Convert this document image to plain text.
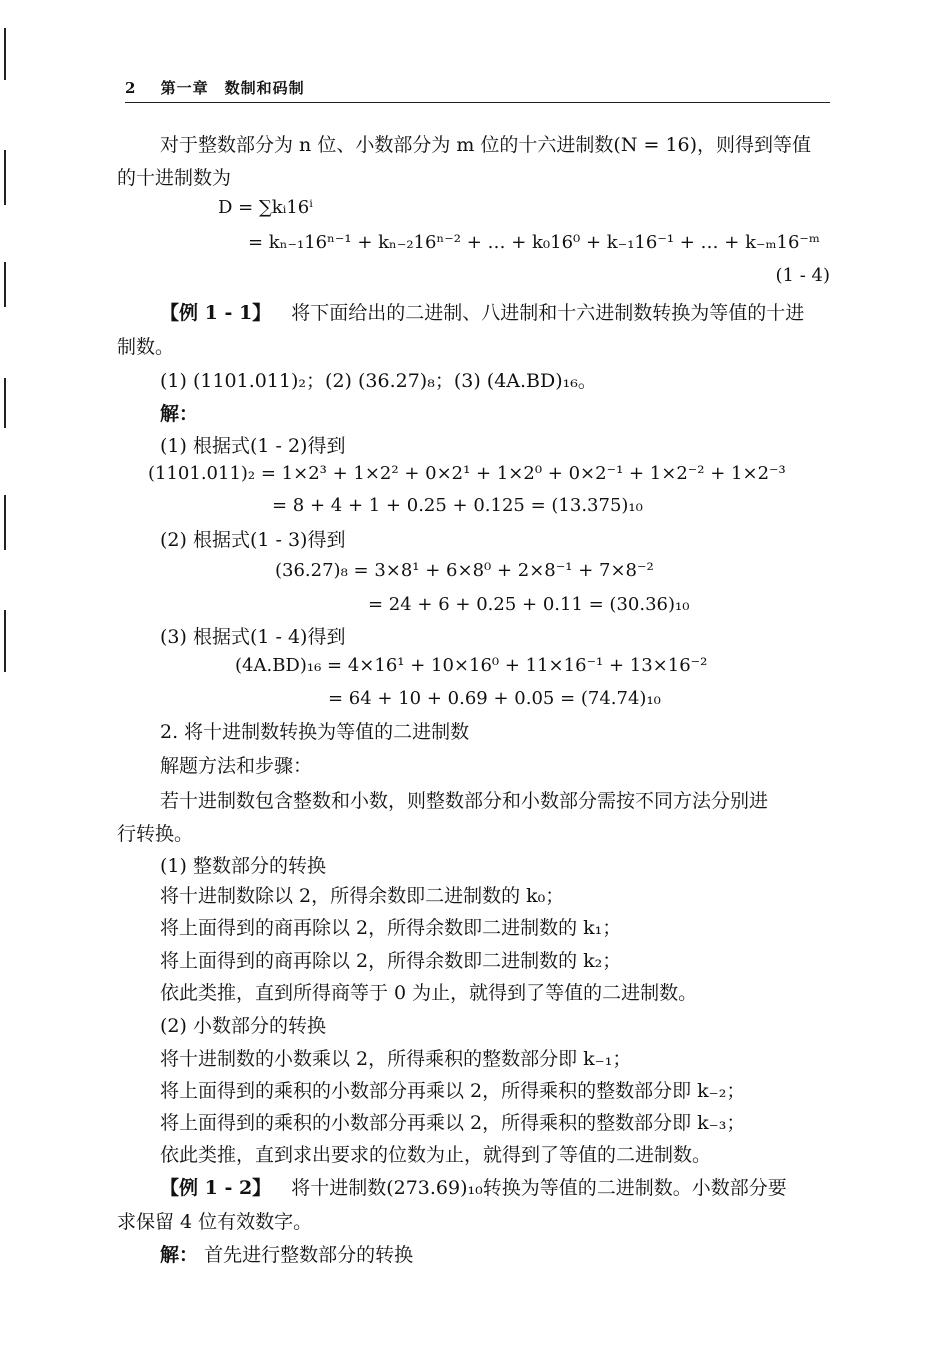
2 第一章　数制和码制
对于整数部分为 n 位、小数部分为 m 位的十六进制数(N = 16)，则得到等值
的十进制数为
D = ∑kᵢ16ⁱ
= kₙ₋₁16ⁿ⁻¹ + kₙ₋₂16ⁿ⁻² + … + k₀16⁰ + k₋₁16⁻¹ + … + k₋ₘ16⁻ᵐ
(1 - 4)
【例 1 - 1】 将下面给出的二进制、八进制和十六进制数转换为等值的十进
制数。
(1) (1101.011)₂；(2) (36.27)₈；(3) (4A.BD)₁₆。
解：
(1) 根据式(1 - 2)得到
(1101.011)₂ = 1×2³ + 1×2² + 0×2¹ + 1×2⁰ + 0×2⁻¹ + 1×2⁻² + 1×2⁻³
= 8 + 4 + 1 + 0.25 + 0.125 = (13.375)₁₀
(2) 根据式(1 - 3)得到
(36.27)₈ = 3×8¹ + 6×8⁰ + 2×8⁻¹ + 7×8⁻²
= 24 + 6 + 0.25 + 0.11 = (30.36)₁₀
(3) 根据式(1 - 4)得到
(4A.BD)₁₆ = 4×16¹ + 10×16⁰ + 11×16⁻¹ + 13×16⁻²
= 64 + 10 + 0.69 + 0.05 = (74.74)₁₀
2. 将十进制数转换为等值的二进制数
解题方法和步骤：
若十进制数包含整数和小数，则整数部分和小数部分需按不同方法分别进
行转换。
(1) 整数部分的转换
将十进制数除以 2，所得余数即二进制数的 k₀；
将上面得到的商再除以 2，所得余数即二进制数的 k₁；
将上面得到的商再除以 2，所得余数即二进制数的 k₂；
依此类推，直到所得商等于 0 为止，就得到了等值的二进制数。
(2) 小数部分的转换
将十进制数的小数乘以 2，所得乘积的整数部分即 k₋₁；
将上面得到的乘积的小数部分再乘以 2，所得乘积的整数部分即 k₋₂；
将上面得到的乘积的小数部分再乘以 2，所得乘积的整数部分即 k₋₃；
依此类推，直到求出要求的位数为止，就得到了等值的二进制数。
【例 1 - 2】 将十进制数(273.69)₁₀转换为等值的二进制数。小数部分要
求保留 4 位有效数字。
解： 首先进行整数部分的转换
